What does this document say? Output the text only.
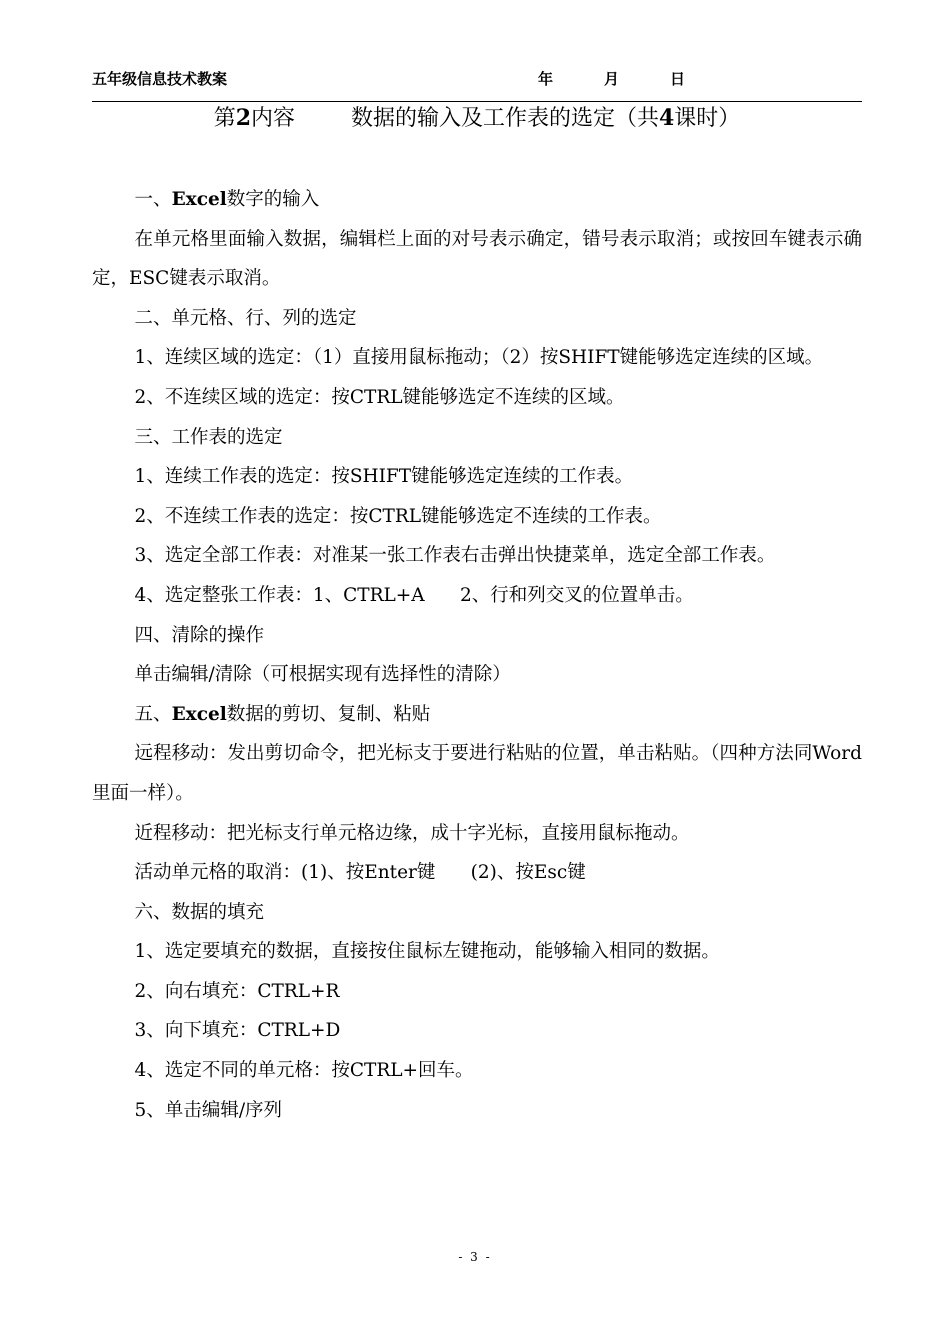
五年级信息技术教案	年	月	日
第2内容        数据的输入及工作表的选定（共4课时）

一、Excel数字的输入

在单元格里面输入数据，编辑栏上面的对号表示确定，错号表示取消；或按回车键表示确定，ESC键表示取消。

二、单元格、行、列的选定

1、连续区域的选定：（1）直接用鼠标拖动；（2）按SHIFT键能够选定连续的区域。

2、不连续区域的选定：按CTRL键能够选定不连续的区域。

三、工作表的选定

1、连续工作表的选定：按SHIFT键能够选定连续的工作表。

2、不连续工作表的选定：按CTRL键能够选定不连续的工作表。

3、选定全部工作表：对准某一张工作表右击弹出快捷菜单，选定全部工作表。

4、选定整张工作表：1、CTRL+A      2、行和列交叉的位置单击。

四、清除的操作

单击编辑/清除（可根据实现有选择性的清除）

五、Excel数据的剪切、复制、粘贴

远程移动：发出剪切命令，把光标支于要进行粘贴的位置，单击粘贴。（四种方法同Word里面一样）。

近程移动：把光标支行单元格边缘，成十字光标，直接用鼠标拖动。

活动单元格的取消：(1)、按Enter键      (2)、按Esc键

六、数据的填充

1、选定要填充的数据，直接按住鼠标左键拖动，能够输入相同的数据。

2、向右填充：CTRL+R

3、向下填充：CTRL+D

4、选定不同的单元格：按CTRL+回车。

5、单击编辑/序列

- 3 -
